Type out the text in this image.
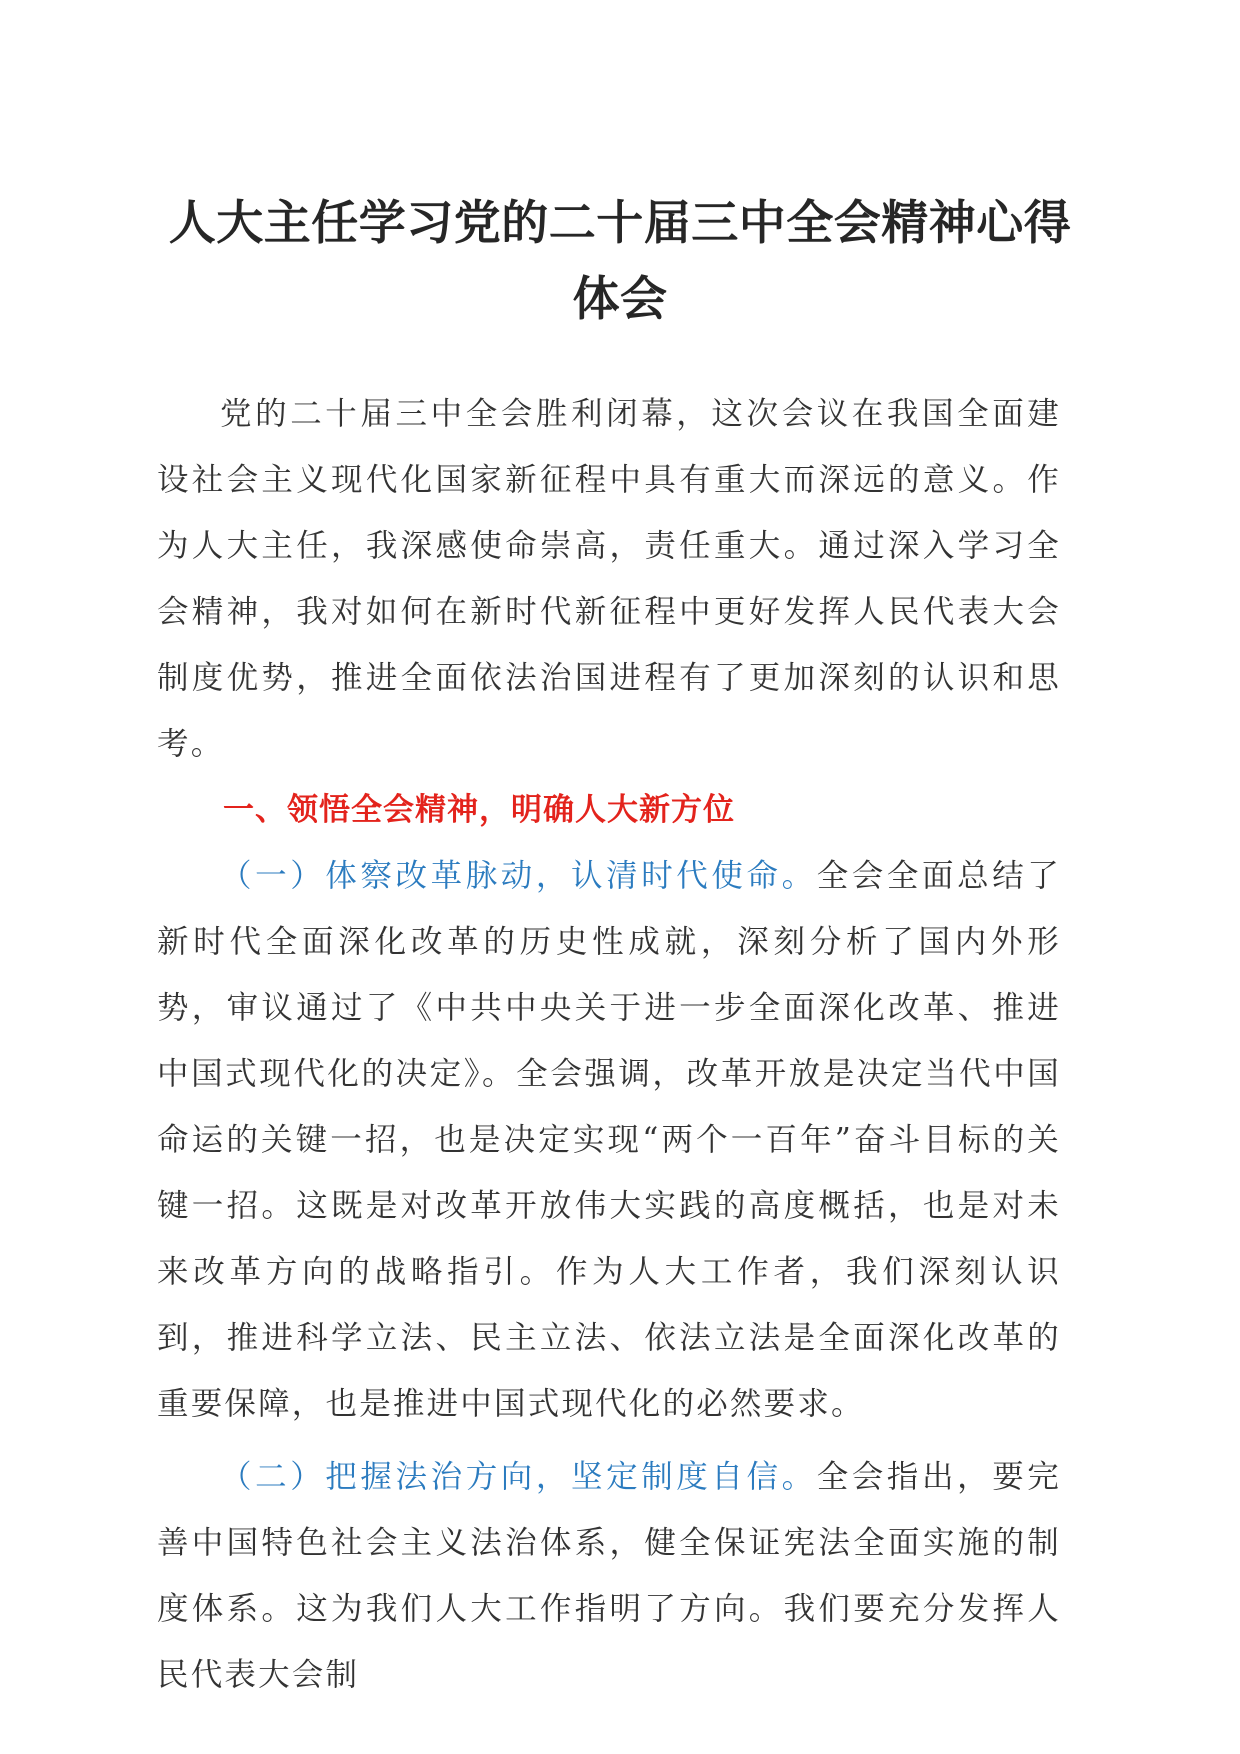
人大主任学习党的二十届三中全会精神心得体会

党的二十届三中全会胜利闭幕，这次会议在我国全面建设社会主义现代化国家新征程中具有重大而深远的意义。作为人大主任，我深感使命崇高，责任重大。通过深入学习全会精神，我对如何在新时代新征程中更好发挥人民代表大会制度优势，推进全面依法治国进程有了更加深刻的认识和思考。

一、领悟全会精神，明确人大新方位

（一）体察改革脉动，认清时代使命。全会全面总结了新时代全面深化改革的历史性成就，深刻分析了国内外形势，审议通过了《中共中央关于进一步全面深化改革、推进中国式现代化的决定》。全会强调，改革开放是决定当代中国命运的关键一招，也是决定实现“两个一百年”奋斗目标的关键一招。这既是对改革开放伟大实践的高度概括，也是对未来改革方向的战略指引。作为人大工作者，我们深刻认识到，推进科学立法、民主立法、依法立法是全面深化改革的重要保障，也是推进中国式现代化的必然要求。

（二）把握法治方向，坚定制度自信。全会指出，要完善中国特色社会主义法治体系，健全保证宪法全面实施的制度体系。这为我们人大工作指明了方向。我们要充分发挥人民代表大会制
